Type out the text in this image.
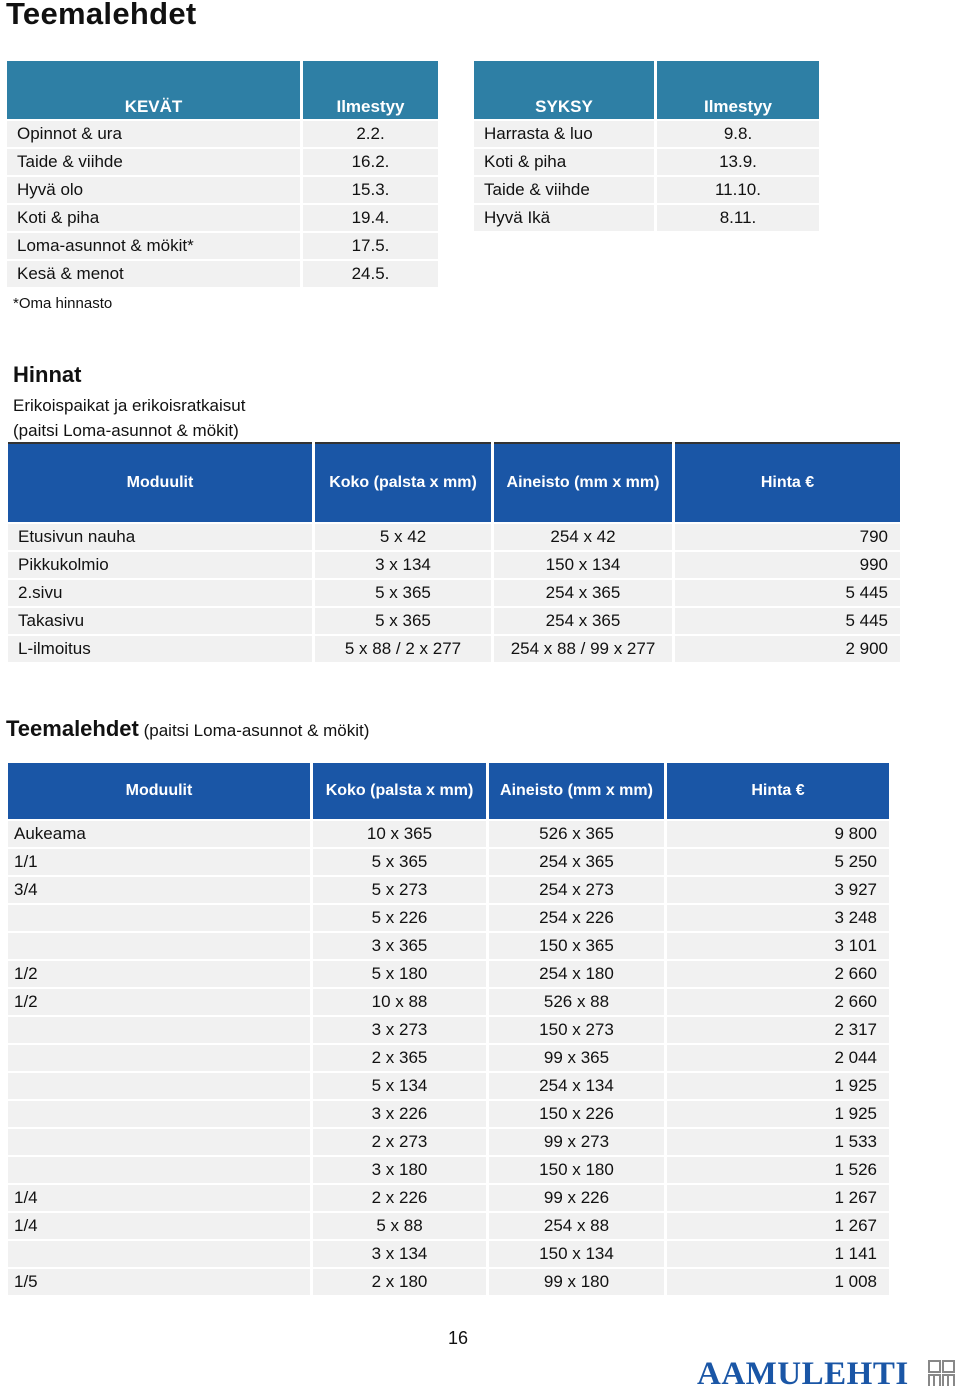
Teemalehdet
KEVÄT	Ilmestyy
Opinnot & ura	2.2.
Taide & viihde	16.2.
Hyvä olo	15.3.
Koti & piha	19.4.
Loma-asunnot & mökit*	17.5.
Kesä & menot	24.5.
SYKSY	Ilmestyy
Harrasta & luo	9.8.
Koti & piha	13.9.
Taide & viihde	11.10.
Hyvä Ikä	8.11.
*Oma hinnasto
Hinnat
Erikoispaikat ja erikoisratkaisut
(paitsi Loma-asunnot & mökit)
Moduulit	Koko (palsta x mm)	Aineisto (mm x mm)	Hinta €
Etusivun nauha	5 x 42	254 x 42	790
Pikkukolmio	3 x 134	150 x 134	990
2.sivu	5 x 365	254 x 365	5 445
Takasivu	5 x 365	254 x 365	5 445
L-ilmoitus	5 x 88 / 2 x 277	254 x 88 / 99 x 277	2 900
Teemalehdet (paitsi Loma-asunnot & mökit)
Moduulit	Koko (palsta x mm)	Aineisto (mm x mm)	Hinta €
Aukeama	10 x 365	526 x 365	9 800
1/1	5 x 365	254 x 365	5 250
3/4	5 x 273	254 x 273	3 927
	5 x 226	254 x 226	3 248
	3 x 365	150 x 365	3 101
1/2	5 x 180	254 x 180	2 660
1/2	10 x 88	526 x 88	2 660
	3 x 273	150 x 273	2 317
	2 x 365	99 x 365	2 044
	5 x 134	254 x 134	1 925
	3 x 226	150 x 226	1 925
	2 x 273	99 x 273	1 533
	3 x 180	150 x 180	1 526
1/4	2 x 226	99 x 226	1 267
1/4	5 x 88	254 x 88	1 267
	3 x 134	150 x 134	1 141
1/5	2 x 180	99 x 180	1 008
16
AAMULEHTI
